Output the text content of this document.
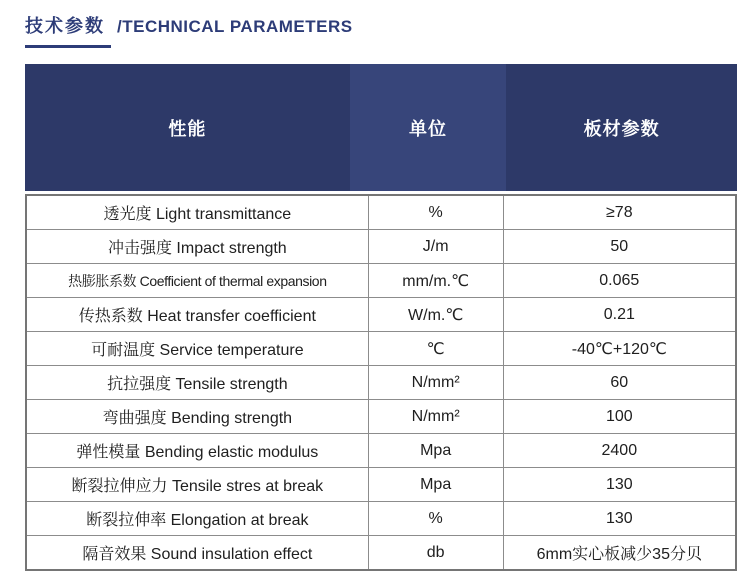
技术参数 /TECHNICAL PARAMETERS
性能	单位	板材参数
透光度 Light transmittance	%	≥78
冲击强度 Impact strength	J/m	50
热膨胀系数 Coefficient of thermal expansion	mm/m.℃	0.065
传热系数 Heat transfer coefficient	W/m.℃	0.21
可耐温度 Service temperature	℃	-40℃+120℃
抗拉强度 Tensile strength	N/mm²	60
弯曲强度 Bending strength	N/mm²	100
弹性模量 Bending elastic modulus	Mpa	2400
断裂拉伸应力 Tensile stres at break	Mpa	130
断裂拉伸率 Elongation at break	%	130
隔音效果 Sound insulation effect	db	6mm实心板减少35分贝
